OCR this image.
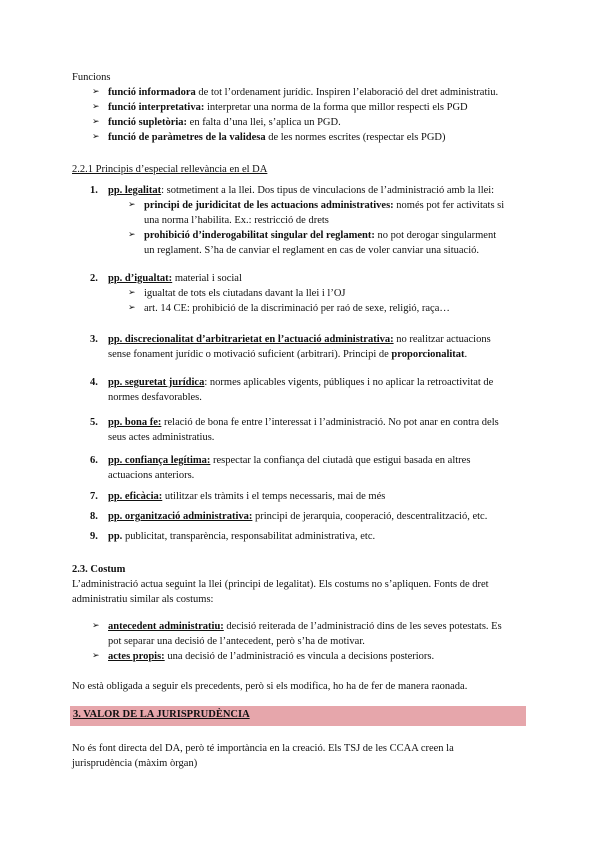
Funcions
➢ funció informadora de tot l’ordenament jurídic. Inspiren l’elaboració del dret administratiu.
➢ funció interpretativa: interpretar una norma de la forma que millor respecti els PGD
➢ funció supletòria: en falta d’una llei, s’aplica un PGD.
➢ funció de paràmetres de la validesa de les normes escrites (respectar els PGD)
2.2.1 Principis d’especial rellevància en el DA
1. pp. legalitat: sotmetiment a la llei. Dos tipus de vinculacions de l’administració amb la llei:
➢ principi de juridicitat de les actuacions administratives: només pot fer activitats si
una norma l’habilita. Ex.: restricció de drets
➢ prohibició d’inderogabilitat singular del reglament: no pot derogar singularment
un reglament. S’ha de canviar el reglament en cas de voler canviar una situació.
2. pp. d’igualtat: material i social
➢ igualtat de tots els ciutadans davant la llei i l’OJ
➢ art. 14 CE: prohibició de la discriminació per raó de sexe, religió, raça…
3. pp. discrecionalitat d’arbitrarietat en l’actuació administrativa: no realitzar actuacions
sense fonament jurídic o motivació suficient (arbitrari). Principi de proporcionalitat.
4. pp. seguretat jurídica: normes aplicables vigents, públiques i no aplicar la retroactivitat de
normes desfavorables.
5. pp. bona fe: relació de bona fe entre l’interessat i l’administració. No pot anar en contra dels
seus actes administratius.
6. pp. confiança legítima: respectar la confiança del ciutadà que estigui basada en altres
actuacions anteriors.
7. pp. eficàcia: utilitzar els tràmits i el temps necessaris, mai de més
8. pp. organització administrativa: principi de jerarquia, cooperació, descentralització, etc.
9. pp. publicitat, transparència, responsabilitat administrativa, etc.
2.3. Costum
L’administració actua seguint la llei (principi de legalitat). Els costums no s’apliquen. Fonts de dret
administratiu similar als costums:
➢ antecedent administratiu: decisió reiterada de l’administració dins de les seves potestats. Es
pot separar una decisió de l’antecedent, però s’ha de motivar.
➢ actes propis: una decisió de l’administració es vincula a decisions posteriors.
No està obligada a seguir els precedents, però si els modifica, ho ha de fer de manera raonada.
3. VALOR DE LA JURISPRUDÈNCIA
No és font directa del DA, però té importància en la creació. Els TSJ de les CCAA creen la
jurisprudència (màxim òrgan)
